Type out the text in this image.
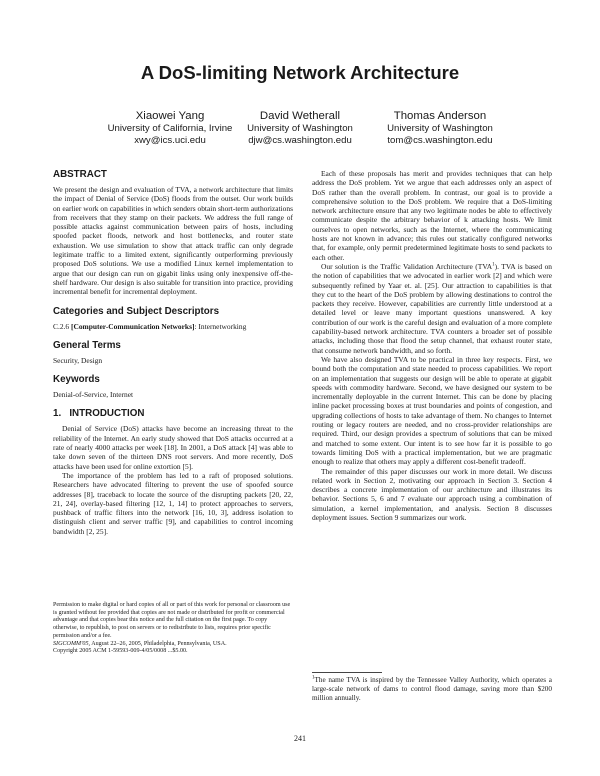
A DoS-limiting Network Architecture
Xiaowei Yang
University of California, Irvine
xwy@ics.uci.edu
David Wetherall
University of Washington
djw@cs.washington.edu
Thomas Anderson
University of Washington
tom@cs.washington.edu
ABSTRACT

We present the design and evaluation of TVA, a network architecture that limits the impact of Denial of Service (DoS) floods from the outset. Our work builds on earlier work on capabilities in which senders obtain short-term authorizations from receivers that they stamp on their packets. We address the full range of possible attacks against communication between pairs of hosts, including spoofed packet floods, network and host bottlenecks, and router state exhaustion. We use simulation to show that attack traffic can only degrade legitimate traffic to a limited extent, significantly outperforming previously proposed DoS solutions. We use a modified Linux kernel implementation to argue that our design can run on gigabit links using only inexpensive off-the-shelf hardware. Our design is also suitable for transition into practice, providing incremental benefit for incremental deployment.

Categories and Subject Descriptors

C.2.6 [Computer-Communication Networks]: Internetworking

General Terms

Security, Design

Keywords

Denial-of-Service, Internet

1.   INTRODUCTION

Denial of Service (DoS) attacks have become an increasing threat to the reliability of the Internet. An early study showed that DoS attacks occurred at a rate of nearly 4000 attacks per week [18]. In 2001, a DoS attack [4] was able to take down seven of the thirteen DNS root servers. And more recently, DoS attacks have been used for online extortion [5].

The importance of the problem has led to a raft of proposed solutions. Researchers have advocated filtering to prevent the use of spoofed source addresses [8], traceback to locate the source of the disrupting packets [20, 22, 21, 24], overlay-based filtering [12, 1, 14] to protect approaches to servers, pushback of traffic filters into the network [16, 10, 3], address isolation to distinguish client and server traffic [9], and capabilities to control incoming bandwidth [2, 25].

Each of these proposals has merit and provides techniques that can help address the DoS problem. Yet we argue that each addresses only an aspect of DoS rather than the overall problem. In contrast, our goal is to provide a comprehensive solution to the DoS problem. We require that a DoS-limiting network architecture ensure that any two legitimate nodes be able to effectively communicate despite the arbitrary behavior of k attacking hosts. We limit ourselves to open networks, such as the Internet, where the communicating hosts are not known in advance; this rules out statically configured networks that, for example, only permit predetermined legitimate hosts to send packets to each other.

Our solution is the Traffic Validation Architecture (TVA$^1$). TVA is based on the notion of capabilities that we advocated in earlier work [2] and which were subsequently refined by Yaar et. al. [25]. Our attraction to capabilities is that they cut to the heart of the DoS problem by allowing destinations to control the packets they receive. However, capabilities are currently little understood at a detailed level or leave many important questions unanswered. A key contribution of our work is the careful design and evaluation of a more complete capability-based network architecture. TVA counters a broader set of possible attacks, including those that flood the setup channel, that exhaust router state, that consume network bandwidth, and so forth.

We have also designed TVA to be practical in three key respects. First, we bound both the computation and state needed to process capabilities. We report on an implementation that suggests our design will be able to operate at gigabit speeds with commodity hardware. Second, we have designed our system to be incrementally deployable in the current Internet. This can be done by placing inline packet processing boxes at trust boundaries and points of congestion, and upgrading collections of hosts to take advantage of them. No changes to Internet routing or legacy routers are needed, and no cross-provider relationships are required. Third, our design provides a spectrum of solutions that can be mixed and matched to some extent. Our intent is to see how far it is possible to go towards limiting DoS with a practical implementation, but we are pragmatic enough to realize that others may apply a different cost-benefit tradeoff.

The remainder of this paper discusses our work in more detail. We discuss related work in Section 2, motivating our approach in Section 3. Section 4 describes a concrete implementation of our architecture and illustrates its behavior. Sections 5, 6 and 7 evaluate our approach using a combination of simulation, a kernel implementation, and analysis. Section 8 discusses deployment issues. Section 9 summarizes our work.

Permission to make digital or hard copies of all or part of this work for personal or classroom use is granted without fee provided that copies are not made or distributed for profit or commercial advantage and that copies bear this notice and the full citation on the first page. To copy otherwise, to republish, to post on servers or to redistribute to lists, requires prior specific permission and/or a fee.
SIGCOMM'05, August 22–26, 2005, Philadelphia, Pennsylvania, USA.
Copyright 2005 ACM 1-59593-009-4/05/0008 ...$5.00.
$^1$The name TVA is inspired by the Tennessee Valley Authority, which operates a large-scale network of dams to control flood damage, saving more than $200 million annually.
241
